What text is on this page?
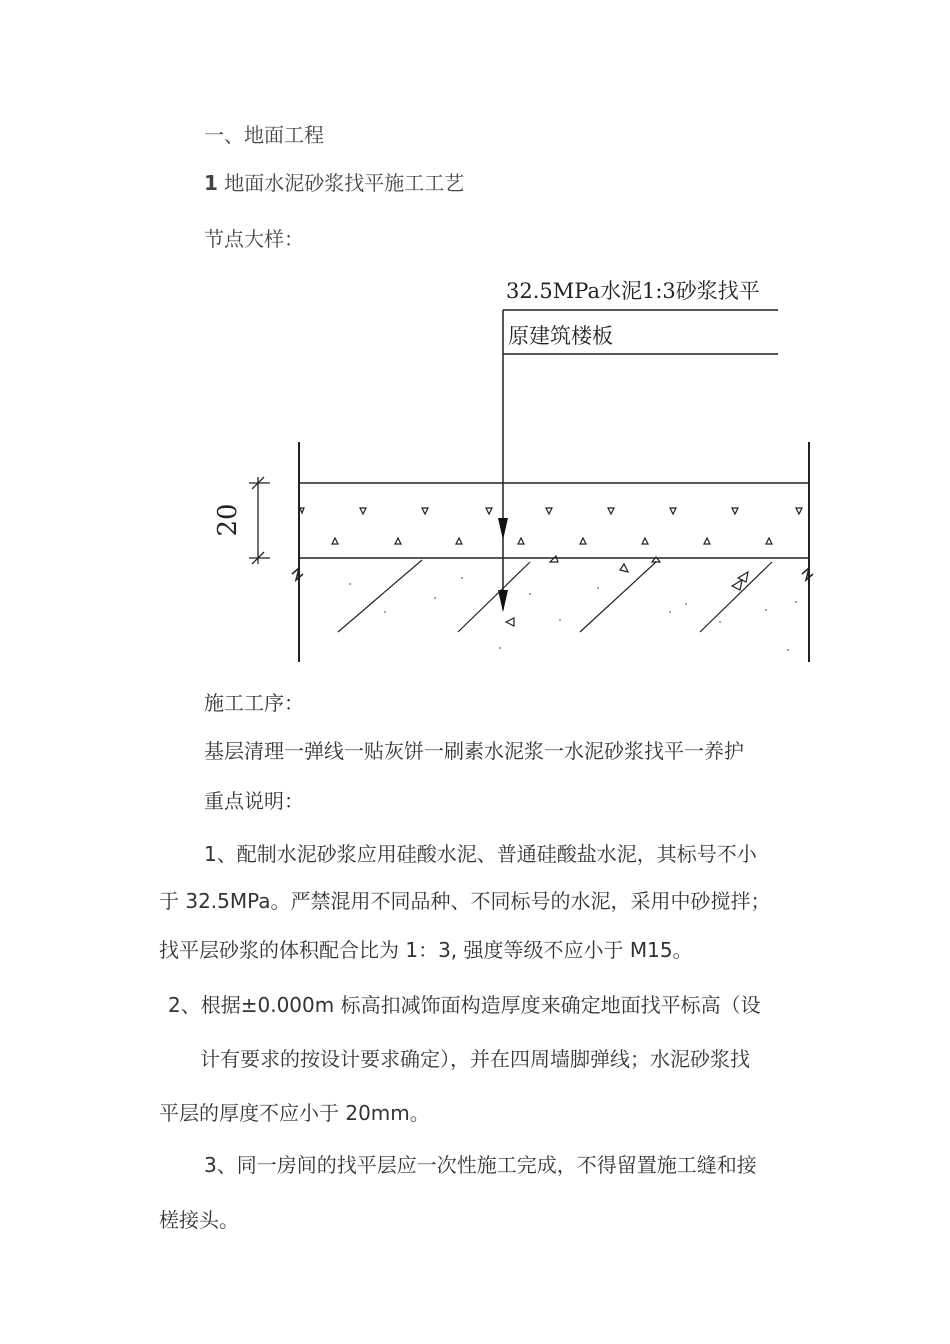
一、地面工程
1 地面水泥砂浆找平施工工艺
节点大样：
32.5MPa水泥1:3砂浆找平
原建筑楼板
20
施工工序：
基层清理一弹线一贴灰饼一刷素水泥浆一水泥砂浆找平一养护
重点说明：
1、配制水泥砂浆应用硅酸水泥、普通硅酸盐水泥，其标号不小
于 32.5MPa。严禁混用不同品种、不同标号的水泥，采用中砂搅拌；
找平层砂浆的体积配合比为 1：3, 强度等级不应小于 M15。
2、根据±0.000m 标高扣减饰面构造厚度来确定地面找平标高（设
计有要求的按设计要求确定），并在四周墙脚弹线；水泥砂浆找
平层的厚度不应小于 20mm。
3、同一房间的找平层应一次性施工完成，不得留置施工缝和接
槎接头。
